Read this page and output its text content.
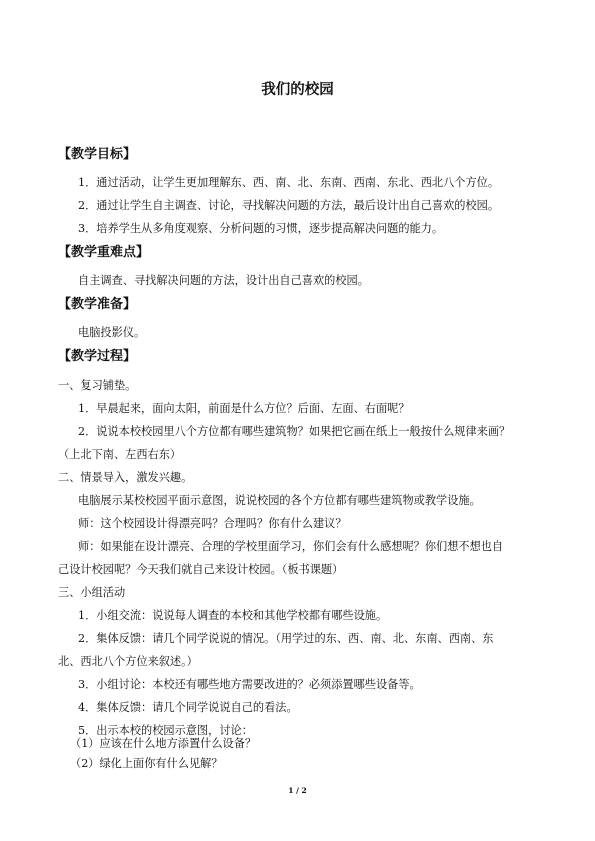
我们的校园
【教学目标】
1．通过活动，让学生更加理解东、西、南、北、东南、西南、东北、西北八个方位。
2．通过让学生自主调查、讨论，寻找解决问题的方法，最后设计出自己喜欢的校园。
3．培养学生从多角度观察、分析问题的习惯，逐步提高解决问题的能力。
【教学重难点】
自主调查、寻找解决问题的方法，设计出自己喜欢的校园。
【教学准备】
电脑投影仪。
【教学过程】
一、复习铺垫。
1．早晨起来，面向太阳，前面是什么方位？后面、左面、右面呢？
2．说说本校校园里八个方位都有哪些建筑物？如果把它画在纸上一般按什么规律来画？
（上北下南、左西右东）
二、情景导入，激发兴趣。
电脑展示某校校园平面示意图，说说校园的各个方位都有哪些建筑物或教学设施。
师：这个校园设计得漂亮吗？合理吗？你有什么建议？
师：如果能在设计漂亮、合理的学校里面学习，你们会有什么感想呢？你们想不想也自
己设计校园呢？今天我们就自己来设计校园。（板书课题）
三、小组活动
1．小组交流：说说每人调查的本校和其他学校都有哪些设施。
2．集体反馈：请几个同学说说的情况。（用学过的东、西、南、北、东南、西南、东
北、西北八个方位来叙述。）
3．小组讨论：本校还有哪些地方需要改进的？必须添置哪些设备等。
4．集体反馈：请几个同学说说自己的看法。
5．出示本校的校园示意图，讨论：
（1）应该在什么地方添置什么设备？
（2）绿化上面你有什么见解？
1 / 2
